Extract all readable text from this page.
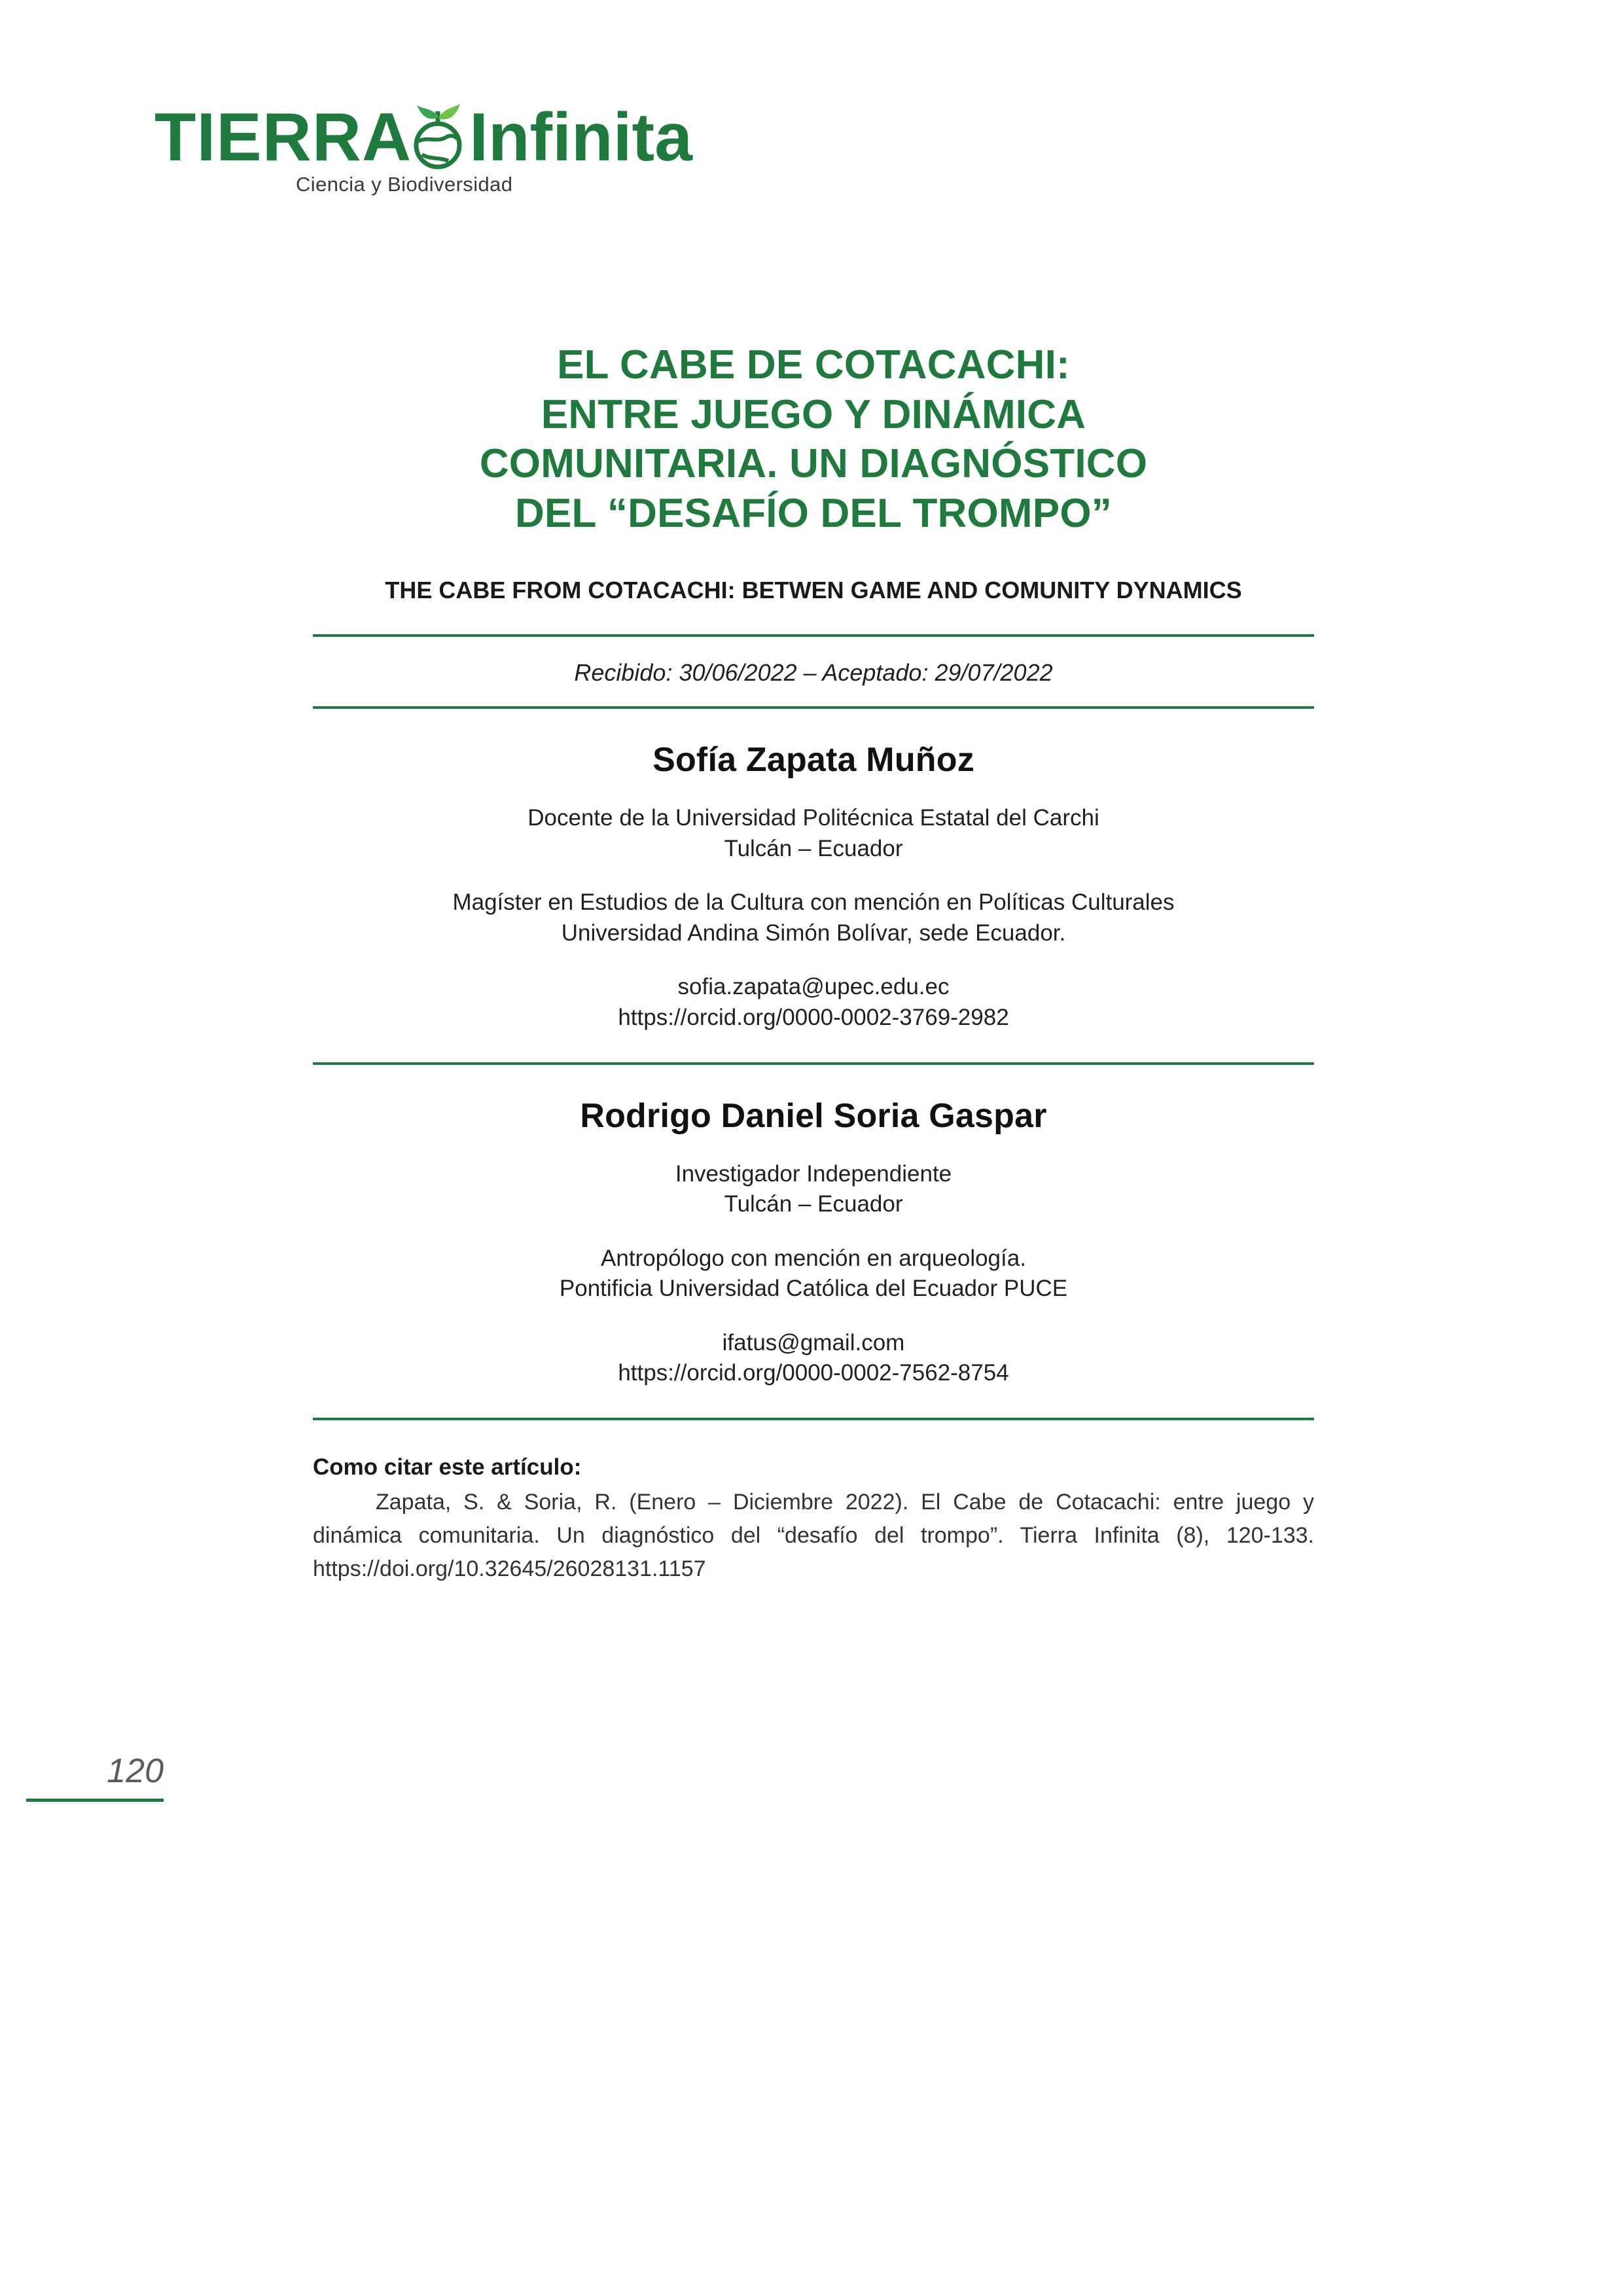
TIERRA Infinita
Ciencia y Biodiversidad
EL CABE DE COTACACHI:
ENTRE JUEGO Y DINÁMICA
COMUNITARIA. UN DIAGNÓSTICO
DEL “DESAFÍO DEL TROMPO”
THE CABE FROM COTACACHI: BETWEN GAME AND COMUNITY DYNAMICS
Recibido: 30/06/2022 – Aceptado: 29/07/2022
Sofía Zapata Muñoz
Docente de la Universidad Politécnica Estatal del Carchi
Tulcán – Ecuador
Magíster en Estudios de la Cultura con mención en Políticas Culturales
Universidad Andina Simón Bolívar, sede Ecuador.
sofia.zapata@upec.edu.ec
https://orcid.org/0000-0002-3769-2982
Rodrigo Daniel Soria Gaspar
Investigador Independiente
Tulcán – Ecuador
Antropólogo con mención en arqueología.
Pontificia Universidad Católica del Ecuador PUCE
ifatus@gmail.com
https://orcid.org/0000-0002-7562-8754
Como citar este artículo:
Zapata, S. & Soria, R. (Enero – Diciembre 2022). El Cabe de Cotacachi: entre juego y dinámica comunitaria. Un diagnóstico del “desafío del trompo”. Tierra Infinita (8), 120-133. https://doi.org/10.32645/26028131.1157
120
